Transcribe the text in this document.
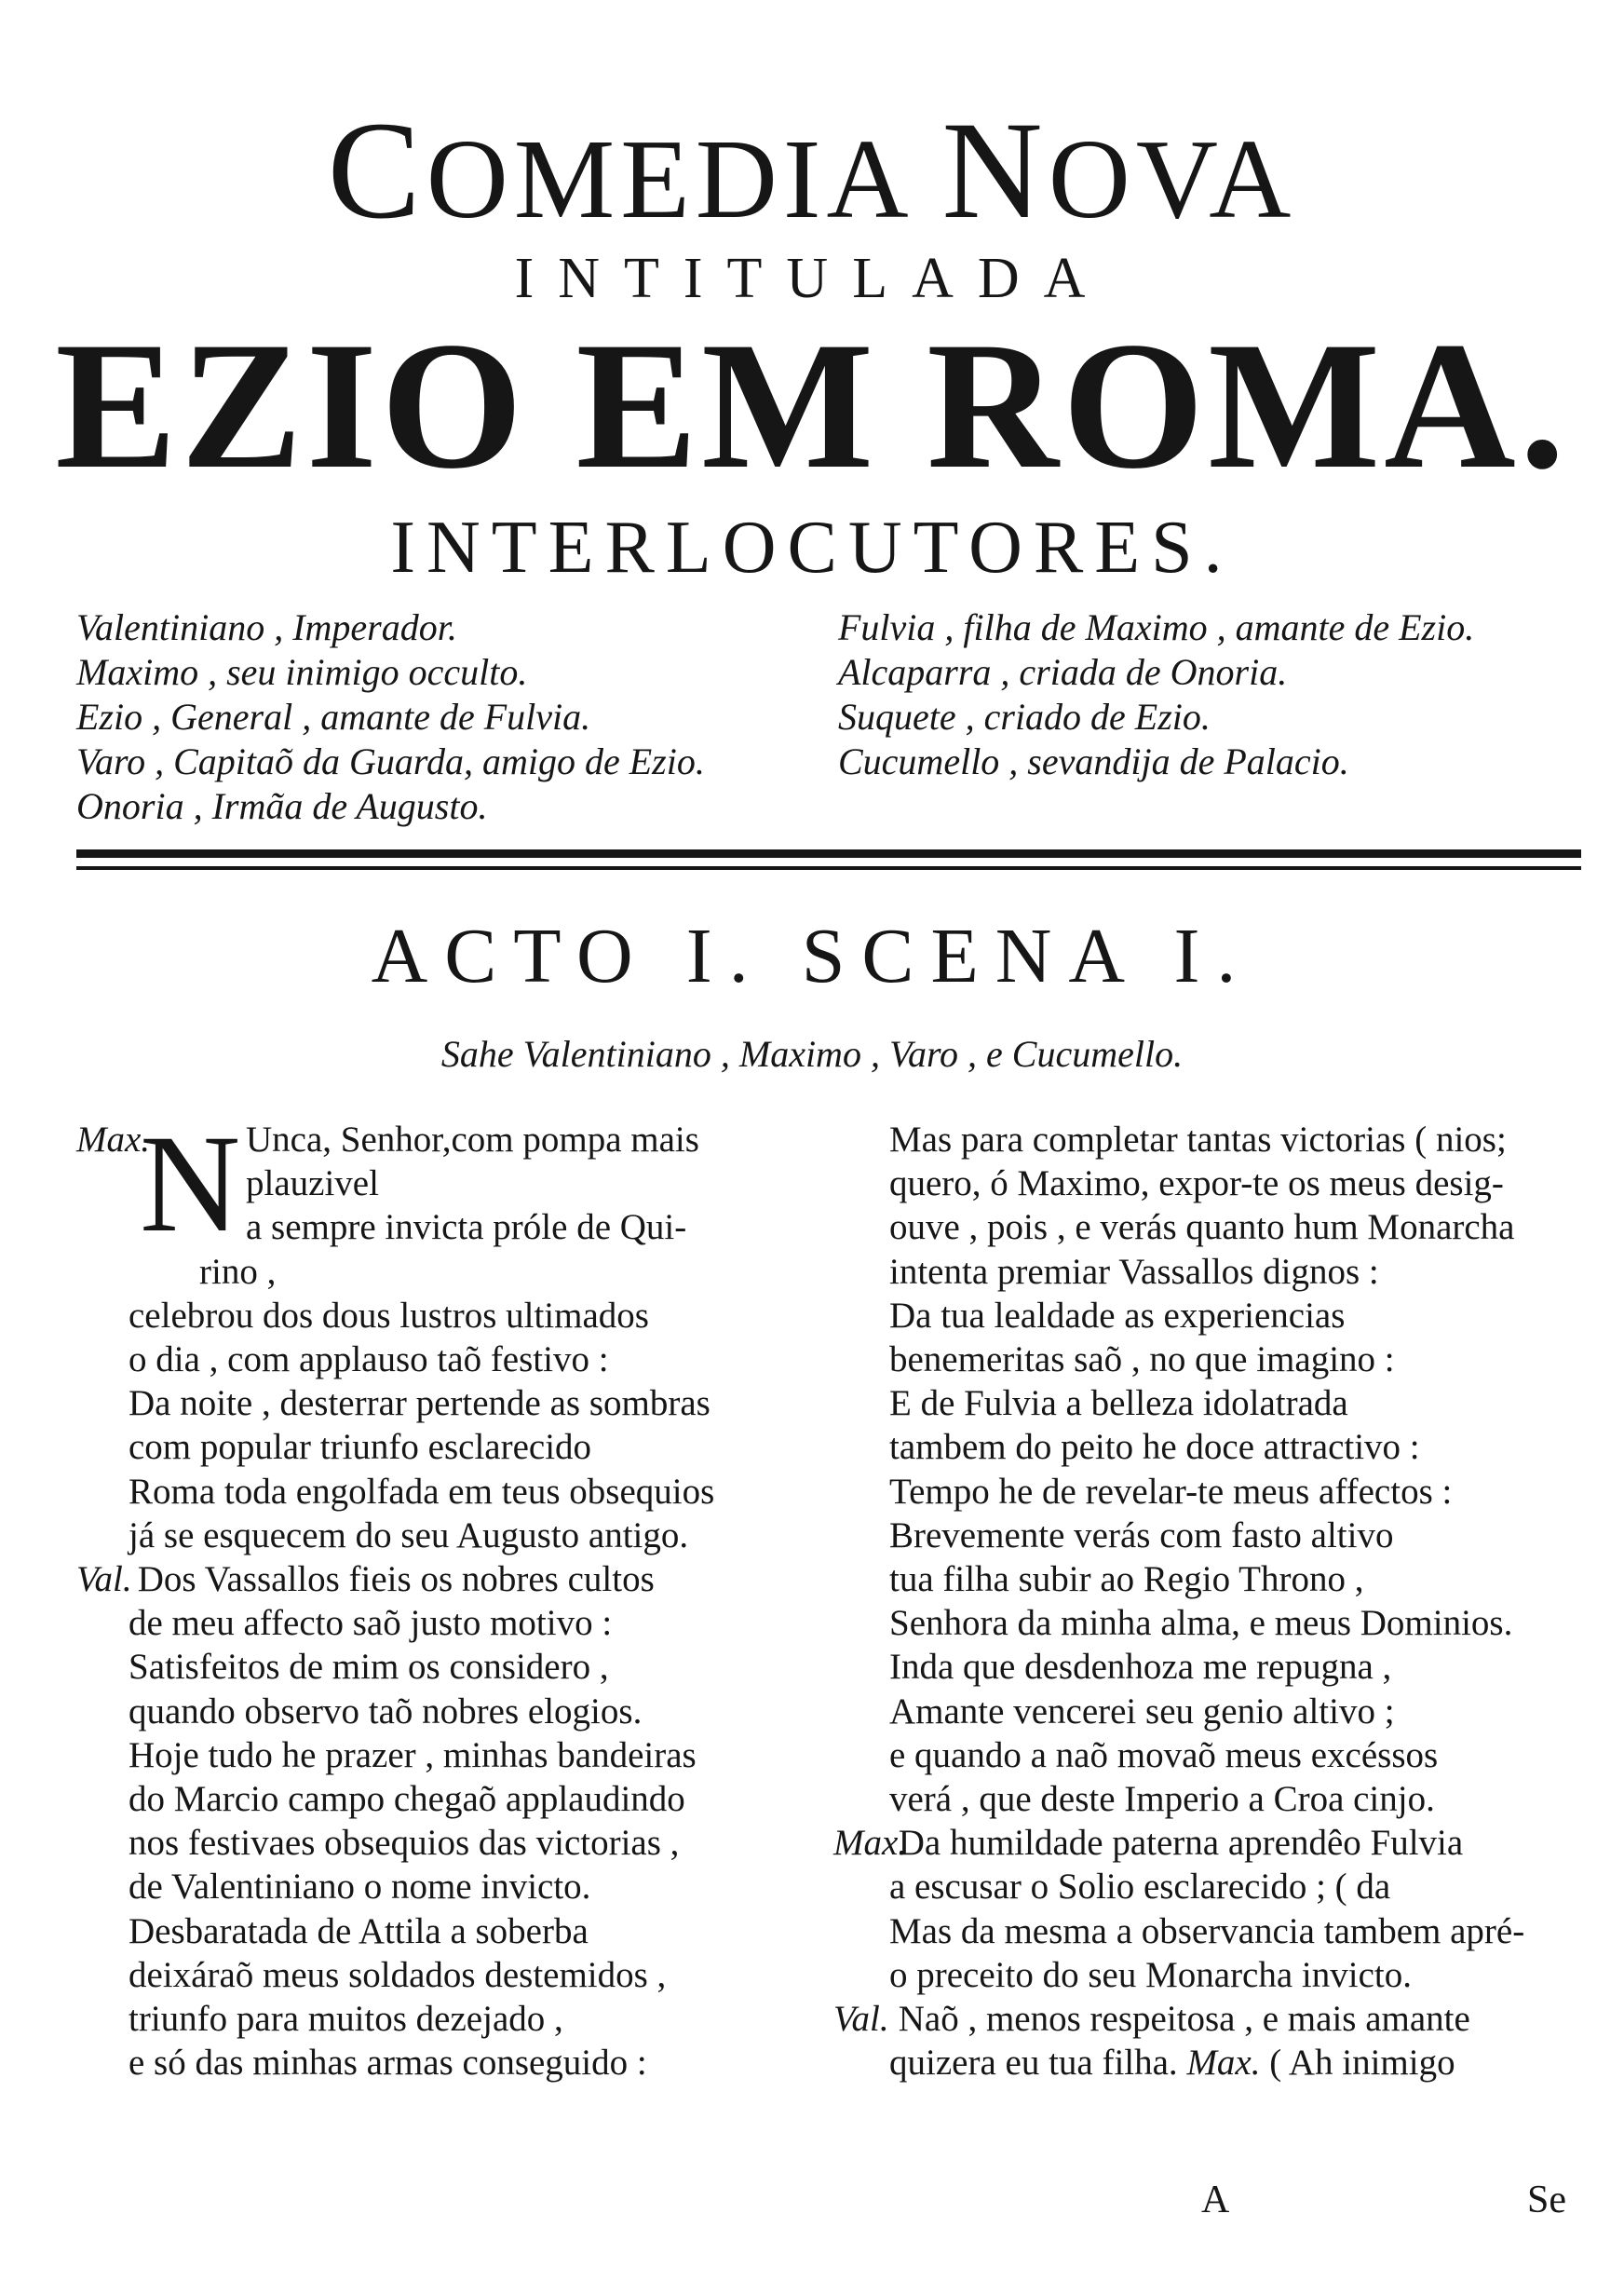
COMEDIA NOVA
INTITULADA
EZIO EM ROMA.
INTERLOCUTORES.
Valentiniano , Imperador.
Maximo , seu inimigo occulto.
Ezio , General , amante de Fulvia.
Varo , Capitaõ da Guarda, amigo de Ezio.
Onoria , Irmãa de Augusto.
Fulvia , filha de Maximo , amante de Ezio.
Alcaparra , criada de Onoria.
Suquete , criado de Ezio.
Cucumello , sevandija de Palacio.
ACTO I. SCENA I.
Sahe Valentiniano , Maximo , Varo , e Cucumello.
N
Max.	Unca, Senhor,com pompa mais
plauzivel
a sempre invicta próle de Qui-
rino ,
celebrou dos dous lustros ultimados
o dia , com applauso taõ festivo :
Da noite , desterrar pertende as sombras
com popular triunfo esclarecido
Roma toda engolfada em teus obsequios
já se esquecem do seu Augusto antigo.
Val. Dos Vassallos fieis os nobres cultos
de meu affecto saõ justo motivo :
Satisfeitos de mim os considero ,
quando observo taõ nobres elogios.
Hoje tudo he prazer , minhas bandeiras
do Marcio campo chegaõ applaudindo
nos festivaes obsequios das victorias ,
de Valentiniano o nome invicto.
Desbaratada de Attila a soberba
deixáraõ meus soldados destemidos ,
triunfo para muitos dezejado ,
e só das minhas armas conseguido :
Mas para completar tantas victorias ( nios;
quero, ó Maximo, expor-te os meus desig-
ouve , pois , e verás quanto hum Monarcha
intenta premiar Vassallos dignos :
Da tua lealdade as experiencias
benemeritas saõ , no que imagino :
E de Fulvia a belleza idolatrada
tambem do peito he doce attractivo :
Tempo he de revelar-te meus affectos :
Brevemente verás com fasto altivo
tua filha subir ao Regio Throno ,
Senhora da minha alma, e meus Dominios.
Inda que desdenhoza me repugna ,
Amante vencerei seu genio altivo ;
e quando a naõ movaõ meus excéssos
verá , que deste Imperio a Croa cinjo.
Max. Da humildade paterna aprendêo Fulvia
a escusar o Solio esclarecido ; ( da
Mas da mesma a observancia tambem apré-
o preceito do seu Monarcha invicto.
Val. Naõ , menos respeitosa , e mais amante
quizera eu tua filha. Max. ( Ah inimigo
A	Se
